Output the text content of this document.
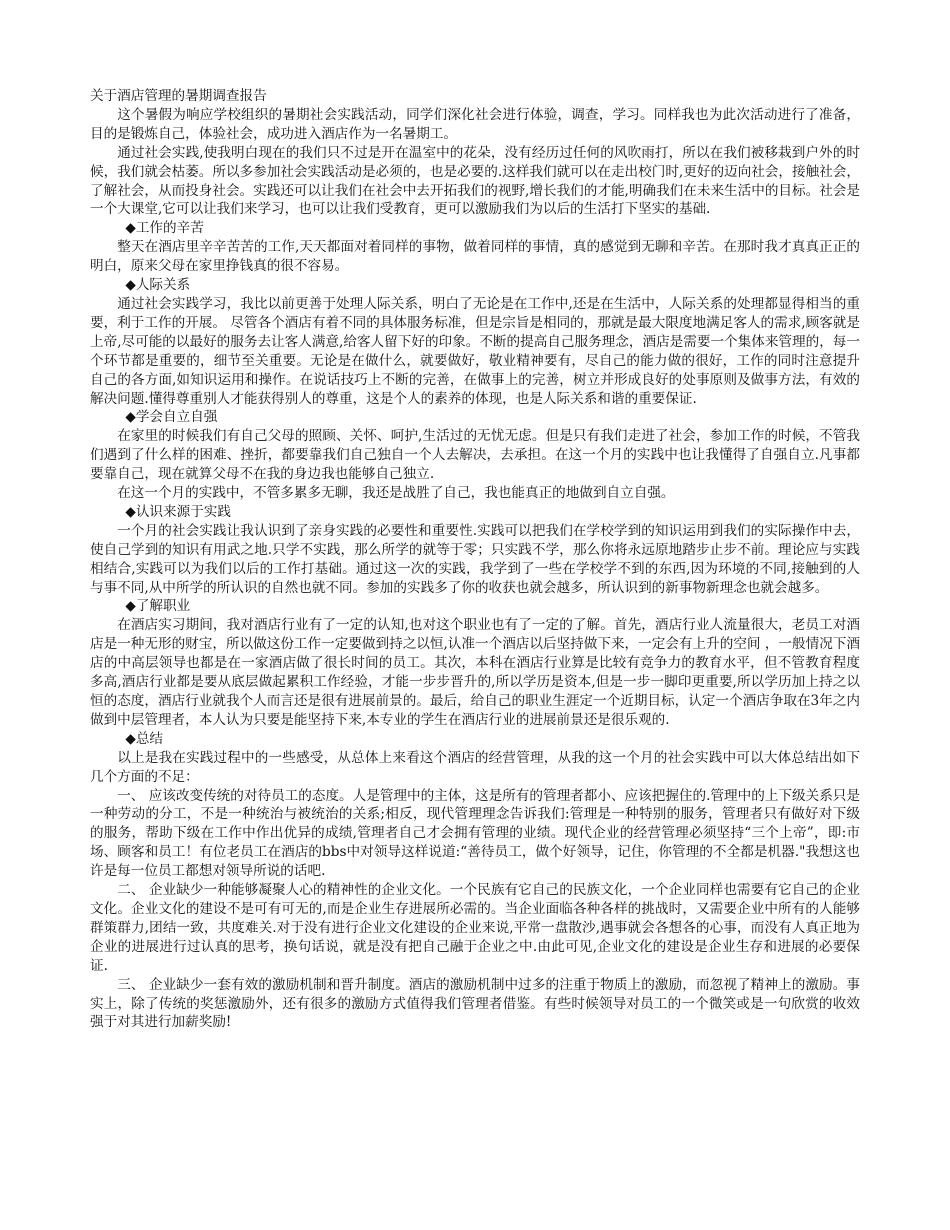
关于酒店管理的暑期调查报告

这个暑假为响应学校组织的暑期社会实践活动，同学们深化社会进行体验，调查，学习。同样我也为此次活动进行了准备，目的是锻炼自己，体验社会，成功进入酒店作为一名暑期工。

通过社会实践,使我明白现在的我们只不过是开在温室中的花朵，没有经历过任何的风吹雨打，所以在我们被移栽到户外的时候，我们就会枯萎。所以多参加社会实践活动是必须的，也是必要的.这样我们就可以在走出校门时,更好的迈向社会，接触社会，了解社会，从而投身社会。实践还可以让我们在社会中去开拓我们的视野,增长我们的才能,明确我们在未来生活中的目标。社会是一个大课堂,它可以让我们来学习，也可以让我们受教育，更可以激励我们为以后的生活打下坚实的基础.

◆工作的辛苦

整天在酒店里辛辛苦苦的工作,天天都面对着同样的事物，做着同样的事情，真的感觉到无聊和辛苦。在那时我才真真正正的明白，原来父母在家里挣钱真的很不容易。

◆人际关系

通过社会实践学习，我比以前更善于处理人际关系，明白了无论是在工作中,还是在生活中，人际关系的处理都显得相当的重要，利于工作的开展。 尽管各个酒店有着不同的具体服务标准，但是宗旨是相同的，那就是最大限度地满足客人的需求,顾客就是上帝,尽可能的以最好的服务去让客人满意,给客人留下好的印象。不断的提高自己服务理念，酒店是需要一个集体来管理的，每一个环节都是重要的，细节至关重要。无论是在做什么，就要做好，敬业精神要有，尽自己的能力做的很好，工作的同时注意提升自己的各方面,如知识运用和操作。在说话技巧上不断的完善，在做事上的完善，树立并形成良好的处事原则及做事方法，有效的解决问题.懂得尊重别人才能获得别人的尊重，这是个人的素养的体现，也是人际关系和谐的重要保证.

◆学会自立自强

在家里的时候我们有自己父母的照顾、关怀、呵护,生活过的无忧无虑。但是只有我们走进了社会，参加工作的时候，不管我们遇到了什么样的困难、挫折，都要靠我们自己独自一个人去解决，去承担。在这一个月的实践中也让我懂得了自强自立.凡事都要靠自己，现在就算父母不在我的身边我也能够自己独立.

在这一个月的实践中，不管多累多无聊，我还是战胜了自己，我也能真正的地做到自立自强。

◆认识来源于实践

一个月的社会实践让我认识到了亲身实践的必要性和重要性.实践可以把我们在学校学到的知识运用到我们的实际操作中去，使自己学到的知识有用武之地.只学不实践，那么所学的就等于零；只实践不学，那么你将永远原地踏步止步不前。理论应与实践相结合,实践可以为我们以后的工作打基础。通过这一次的实践，我学到了一些在学校学不到的东西,因为环境的不同,接触到的人与事不同,从中所学的所认识的自然也就不同。参加的实践多了你的收获也就会越多，所认识到的新事物新理念也就会越多。

◆了解职业

在酒店实习期间，我对酒店行业有了一定的认知,也对这个职业也有了一定的了解。首先，酒店行业人流量很大，老员工对酒店是一种无形的财宝，所以做这份工作一定要做到持之以恒,认准一个酒店以后坚持做下来，一定会有上升的空间 ，一般情况下酒店的中高层领导也都是在一家酒店做了很长时间的员工。其次，本科在酒店行业算是比较有竞争力的教育水平，但不管教育程度多高,酒店行业都是要从底层做起累积工作经验，才能一步步晋升的,所以学历是资本,但是一步一脚印更重要,所以学历加上持之以恒的态度，酒店行业就我个人而言还是很有进展前景的。最后，给自己的职业生涯定一个近期目标，认定一个酒店争取在3年之内做到中层管理者，本人认为只要是能坚持下来,本专业的学生在酒店行业的进展前景还是很乐观的.

◆总结

以上是我在实践过程中的一些感受，从总体上来看这个酒店的经营管理，从我的这一个月的社会实践中可以大体总结出如下几个方面的不足：

一、 应该改变传统的对待员工的态度。人是管理中的主体，这是所有的管理者都小、应该把握住的.管理中的上下级关系只是一种劳动的分工，不是一种统治与被统治的关系;相反，现代管理理念告诉我们:管理是一种特别的服务，管理者只有做好对下级的服务，帮助下级在工作中作出优异的成绩,管理者自己才会拥有管理的业绩。现代企业的经营管理必须坚持“三个上帝”，即:市场、顾客和员工！有位老员工在酒店的bbs中对领导这样说道:“善待员工，做个好领导，记住，你管理的不全都是机器."我想这也许是每一位员工都想对领导所说的话吧.

二、 企业缺少一种能够凝聚人心的精神性的企业文化。一个民族有它自己的民族文化，一个企业同样也需要有它自己的企业文化。企业文化的建设不是可有可无的,而是企业生存进展所必需的。当企业面临各种各样的挑战时，又需要企业中所有的人能够群策群力,团结一致，共度难关.对于没有进行企业文化建设的企业来说,平常一盘散沙,遇事就会各想各的心事，而没有人真正地为企业的进展进行过认真的思考，换句话说，就是没有把自己融于企业之中.由此可见,企业文化的建设是企业生存和进展的必要保证.

三、 企业缺少一套有效的激励机制和晋升制度。酒店的激励机制中过多的注重于物质上的激励，而忽视了精神上的激励。事实上，除了传统的奖惩激励外，还有很多的激励方式值得我们管理者借鉴。有些时候领导对员工的一个微笑或是一句欣赏的收效强于对其进行加薪奖励!
